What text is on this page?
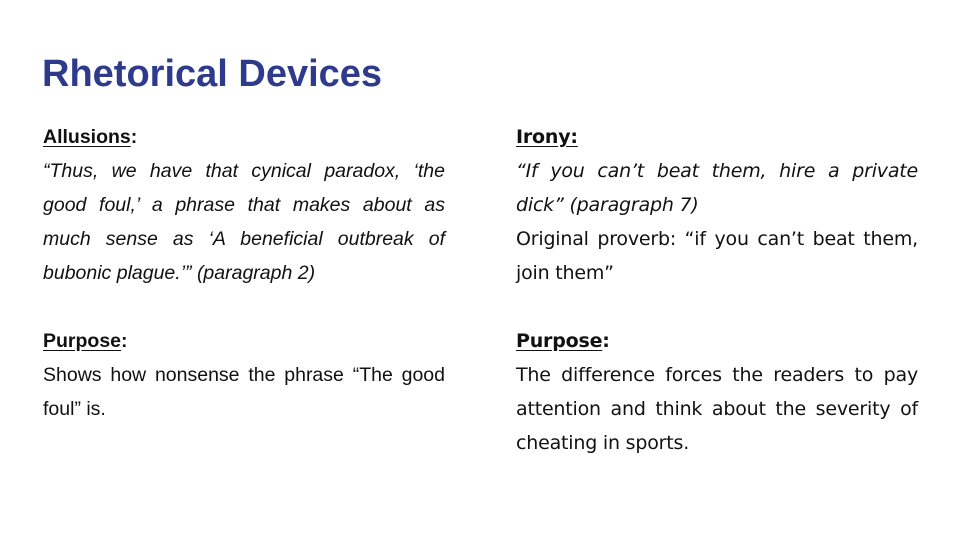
Rhetorical Devices
Allusions:
“Thus, we have that cynical paradox, ‘the good foul,’ a phrase that makes about as much sense as ‘A beneficial outbreak of bubonic plague.’” (paragraph 2)
Purpose:
Shows how nonsense the phrase “The good foul” is.
Irony:
“If you can’t beat them, hire a private dick” (paragraph 7)
Original proverb: “if you can’t beat them, join them”
Purpose:
The difference forces the readers to pay attention and think about the severity of cheating in sports.
